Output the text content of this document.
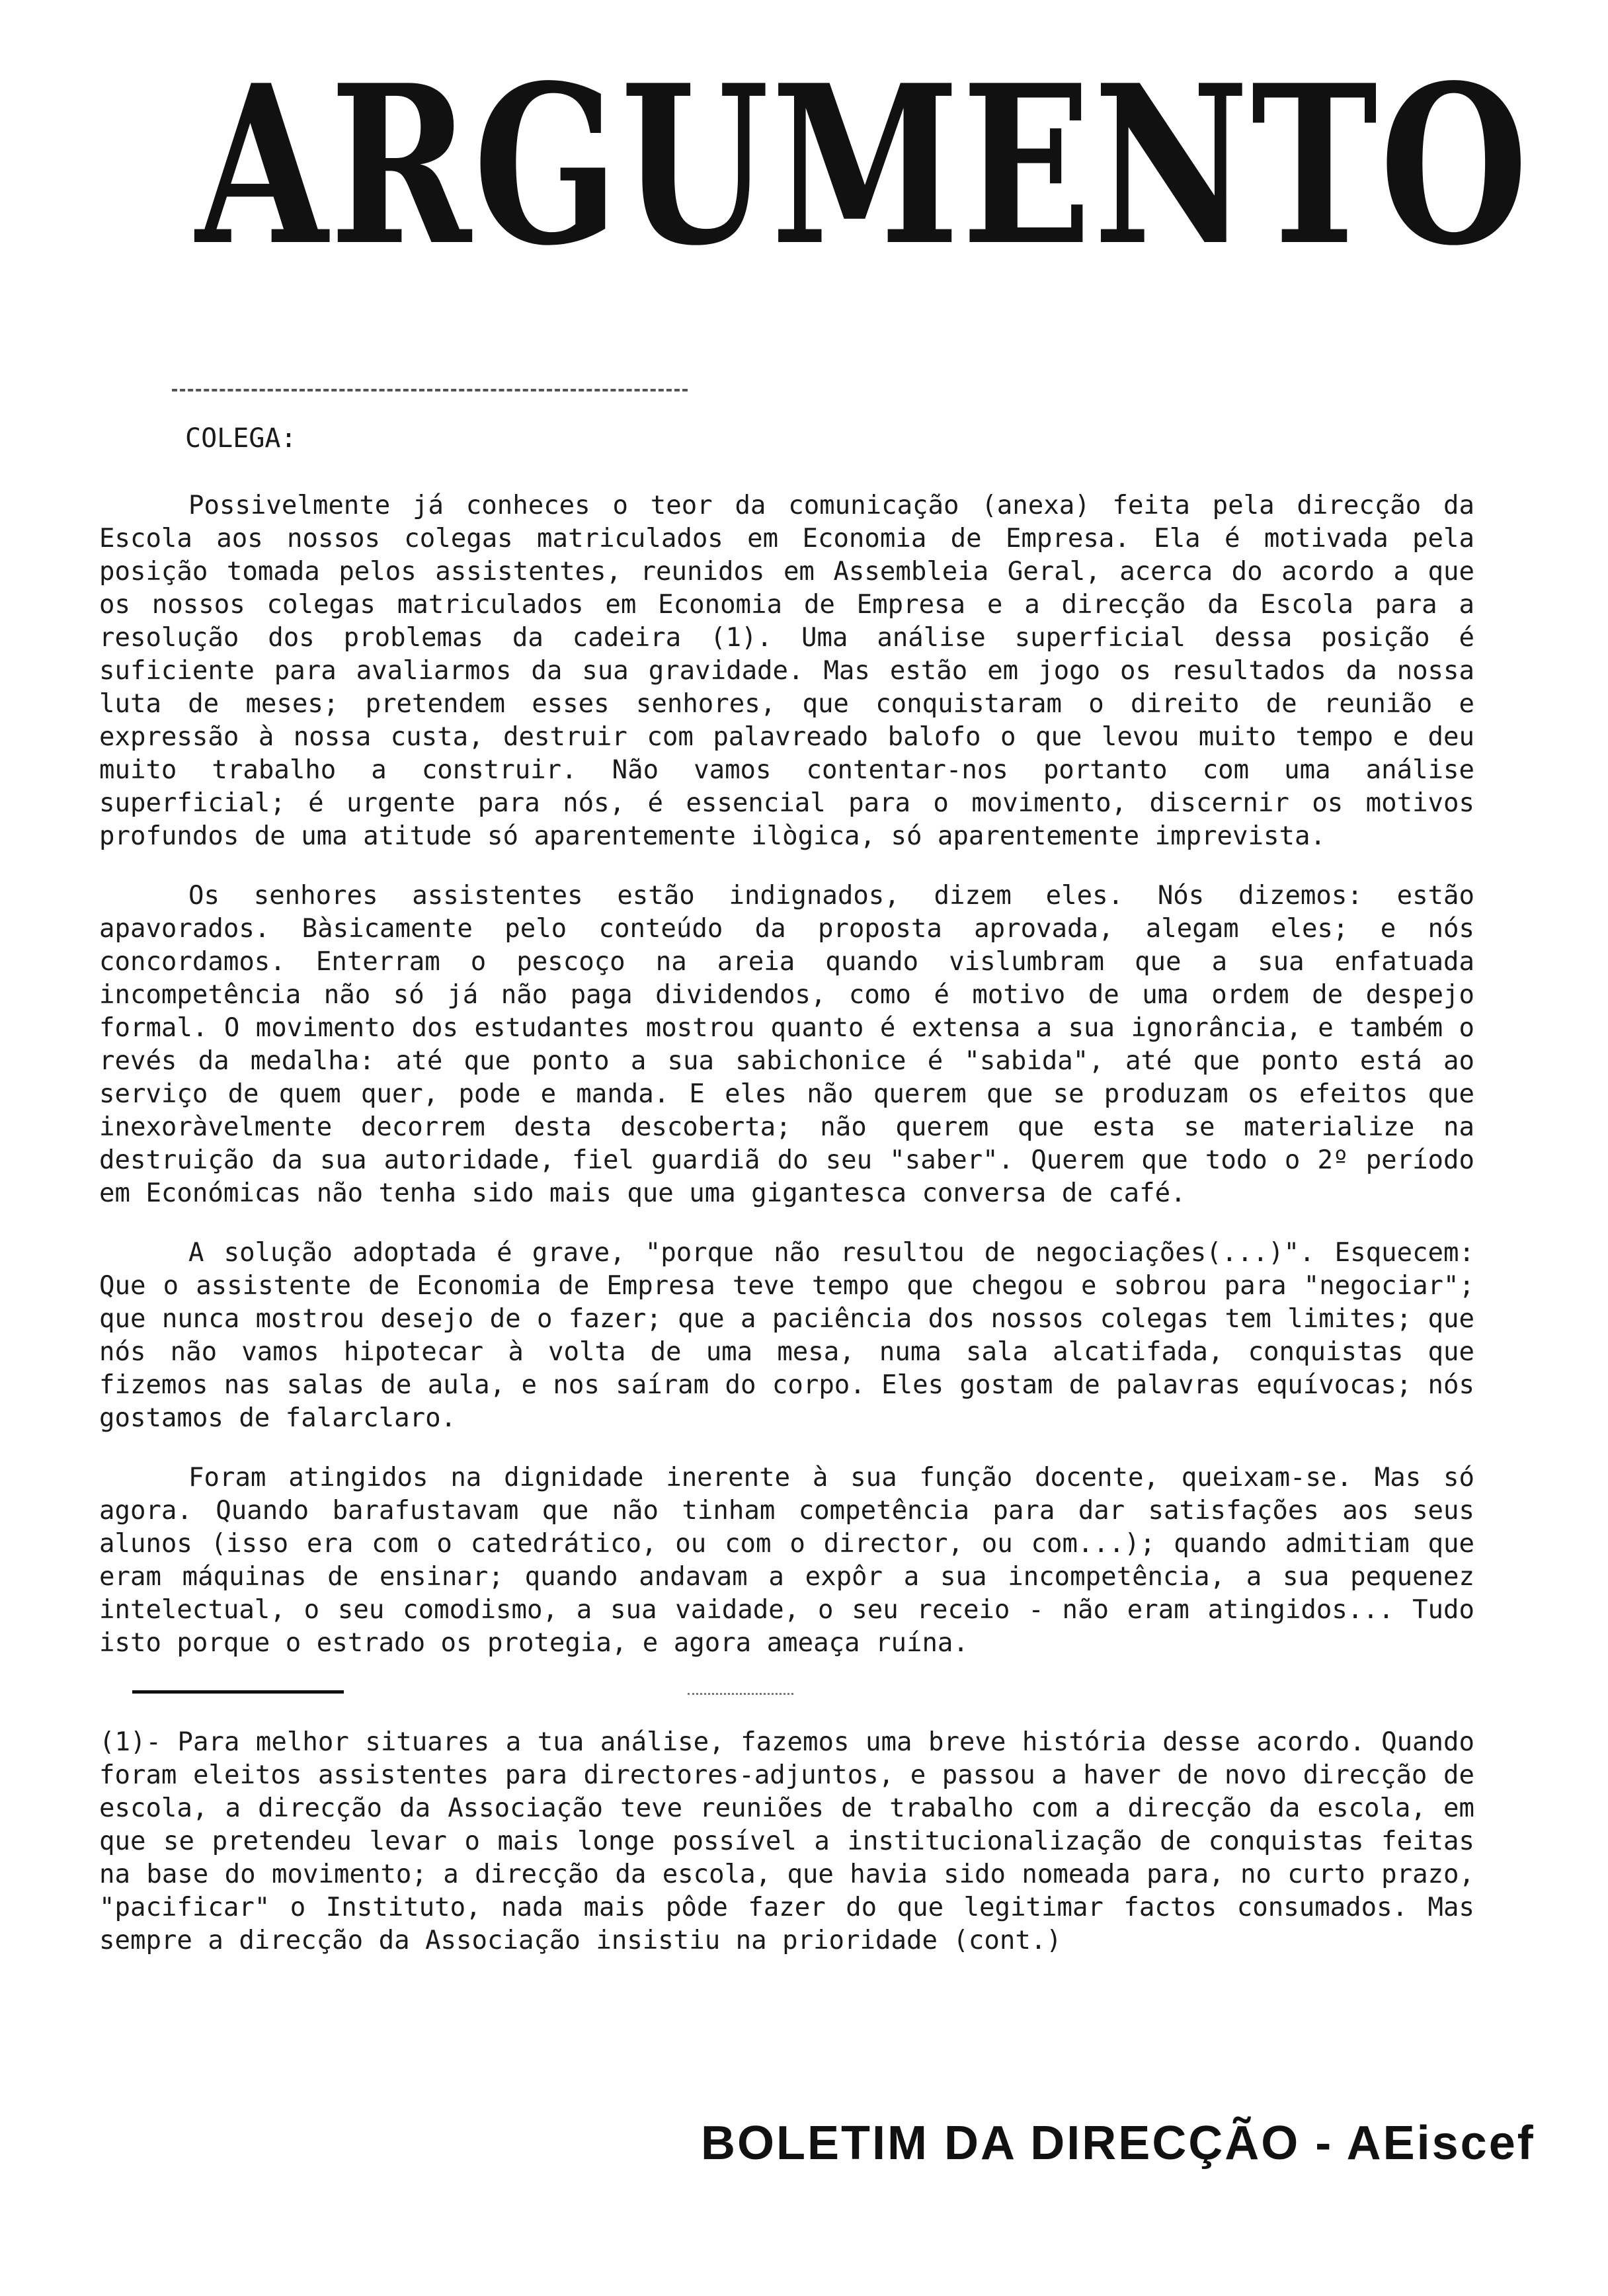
ARGUMENTO
COLEGA:

Possivelmente já conheces o teor da comunicação (anexa) feita pela direcção da Escola aos nossos colegas matriculados em Economia de Empresa. Ela é motivada pela posição tomada pelos assistentes, reunidos em Assembleia Geral, acerca do acordo a que os nossos colegas matriculados em Economia de Empresa e a direcção da Escola para a resolução dos problemas da cadeira (1). Uma análise superficial dessa posição é suficiente para avaliarmos da sua gravidade. Mas estão em jogo os resultados da nossa luta de meses; pretendem esses senhores, que conquistaram o direito de reunião e expressão à nossa custa, destruir com palavreado balofo o que levou muito tempo e deu muito trabalho a construir. Não vamos contentar-nos portanto com uma análise superficial; é urgente para nós, é essencial para o movimento, discernir os motivos profundos de uma atitude só aparentemente ilògica, só aparentemente imprevista.

Os senhores assistentes estão indignados, dizem eles. Nós dizemos: estão apavorados. Bàsicamente pelo conteúdo da proposta aprovada, alegam eles; e nós concordamos. Enterram o pescoço na areia quando vislumbram que a sua enfatuada incompetência não só já não paga dividendos, como é motivo de uma ordem de despejo formal. O movimento dos estudantes mostrou quanto é extensa a sua ignorância, e também o revés da medalha: até que ponto a sua sabichonice é "sabida", até que ponto está ao serviço de quem quer, pode e manda. E eles não querem que se produzam os efeitos que inexoràvelmente decorrem desta descoberta; não querem que esta se materialize na destruição da sua autoridade, fiel guardiã do seu "saber". Querem que todo o 2º período em Económicas não tenha sido mais que uma gigantesca conversa de café.

A solução adoptada é grave, "porque não resultou de negociações(...)". Esquecem: Que o assistente de Economia de Empresa teve tempo que chegou e sobrou para "negociar"; que nunca mostrou desejo de o fazer; que a paciência dos nossos colegas tem limites; que nós não vamos hipotecar à volta de uma mesa, numa sala alcatifada, conquistas que fizemos nas salas de aula, e nos saíram do corpo. Eles gostam de palavras equívocas; nós gostamos de falarclaro.

Foram atingidos na dignidade inerente à sua função docente, queixam-se. Mas só agora. Quando barafustavam que não tinham competência para dar satisfações aos seus alunos (isso era com o catedrático, ou com o director, ou com...); quando admitiam que eram máquinas de ensinar; quando andavam a expôr a sua incompetência, a sua pequenez intelectual, o seu comodismo, a sua vaidade, o seu receio - não eram atingidos... Tudo isto porque o estrado os protegia, e agora ameaça ruína.

(1)- Para melhor situares a tua análise, fazemos uma breve história desse acordo. Quando foram eleitos assistentes para directores-adjuntos, e passou a haver de novo direcção de escola, a direcção da Associação teve reuniões de trabalho com a direcção da escola, em que se pretendeu levar o mais longe possível a institucionalização de conquistas feitas na base do movimento; a direcção da escola, que havia sido nomeada para, no curto prazo, "pacificar" o Instituto, nada mais pôde fazer do que legitimar factos consumados. Mas sempre a direcção da Associação insistiu na prioridade (cont.)

BOLETIM DA DIRECÇÃO - AEiscef
